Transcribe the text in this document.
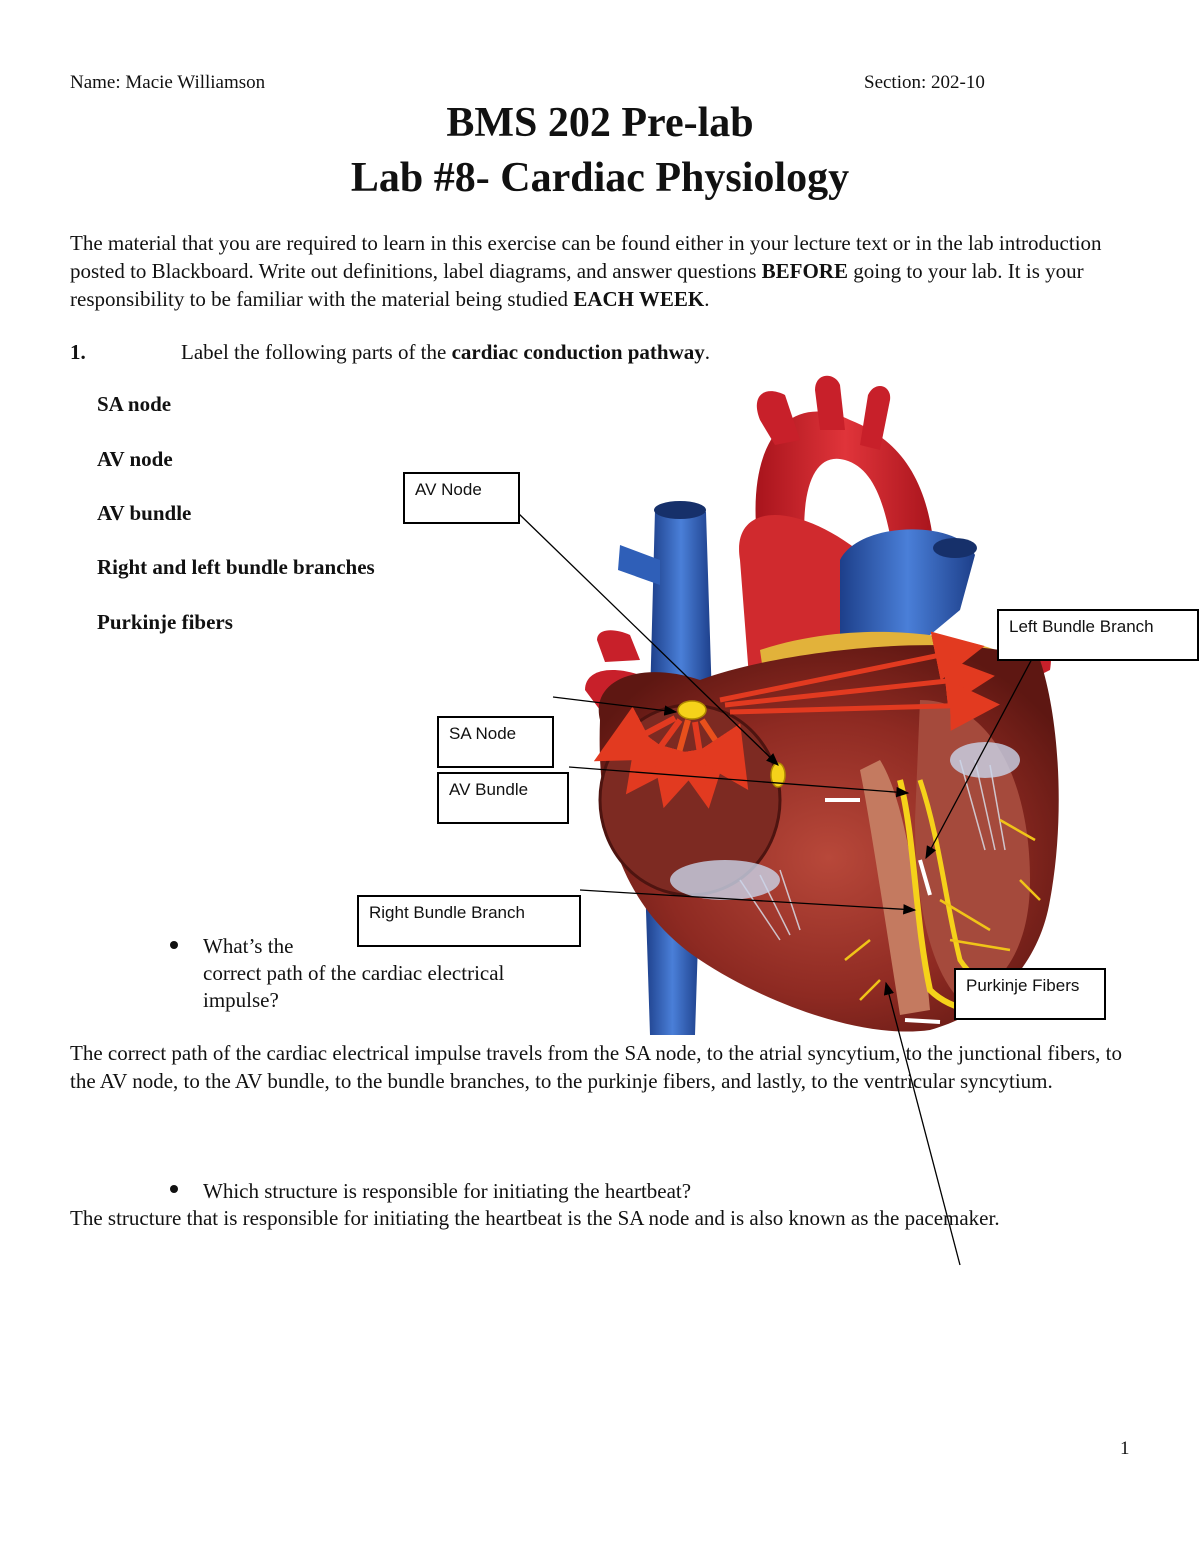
Name: Macie Williamson	Section: 202-10
BMS 202 Pre-lab
Lab #8- Cardiac Physiology
The material that you are required to learn in this exercise can be found either in your lecture text or in the lab introduction posted to Blackboard. Write out definitions, label diagrams, and answer questions BEFORE going to your lab. It is your responsibility to be familiar with the material being studied EACH WEEK.
1.	Label the following parts of the cardiac conduction pathway.
SA node
AV node
AV bundle
Right and left bundle branches
Purkinje fibers
AV Node
SA Node
AV Bundle
Right Bundle Branch
Left Bundle Branch
Purkinje Fibers
What’s the
correct path of the cardiac electrical
impulse?
The correct path of the cardiac electrical impulse travels from the SA node, to the atrial syncytium, to the junctional fibers, to the AV node, to the AV bundle, to the bundle branches, to the purkinje fibers, and lastly, to the ventricular syncytium.
Which structure is responsible for initiating the heartbeat?
The structure that is responsible for initiating the heartbeat is the SA node and is also known as the pacemaker.
1
